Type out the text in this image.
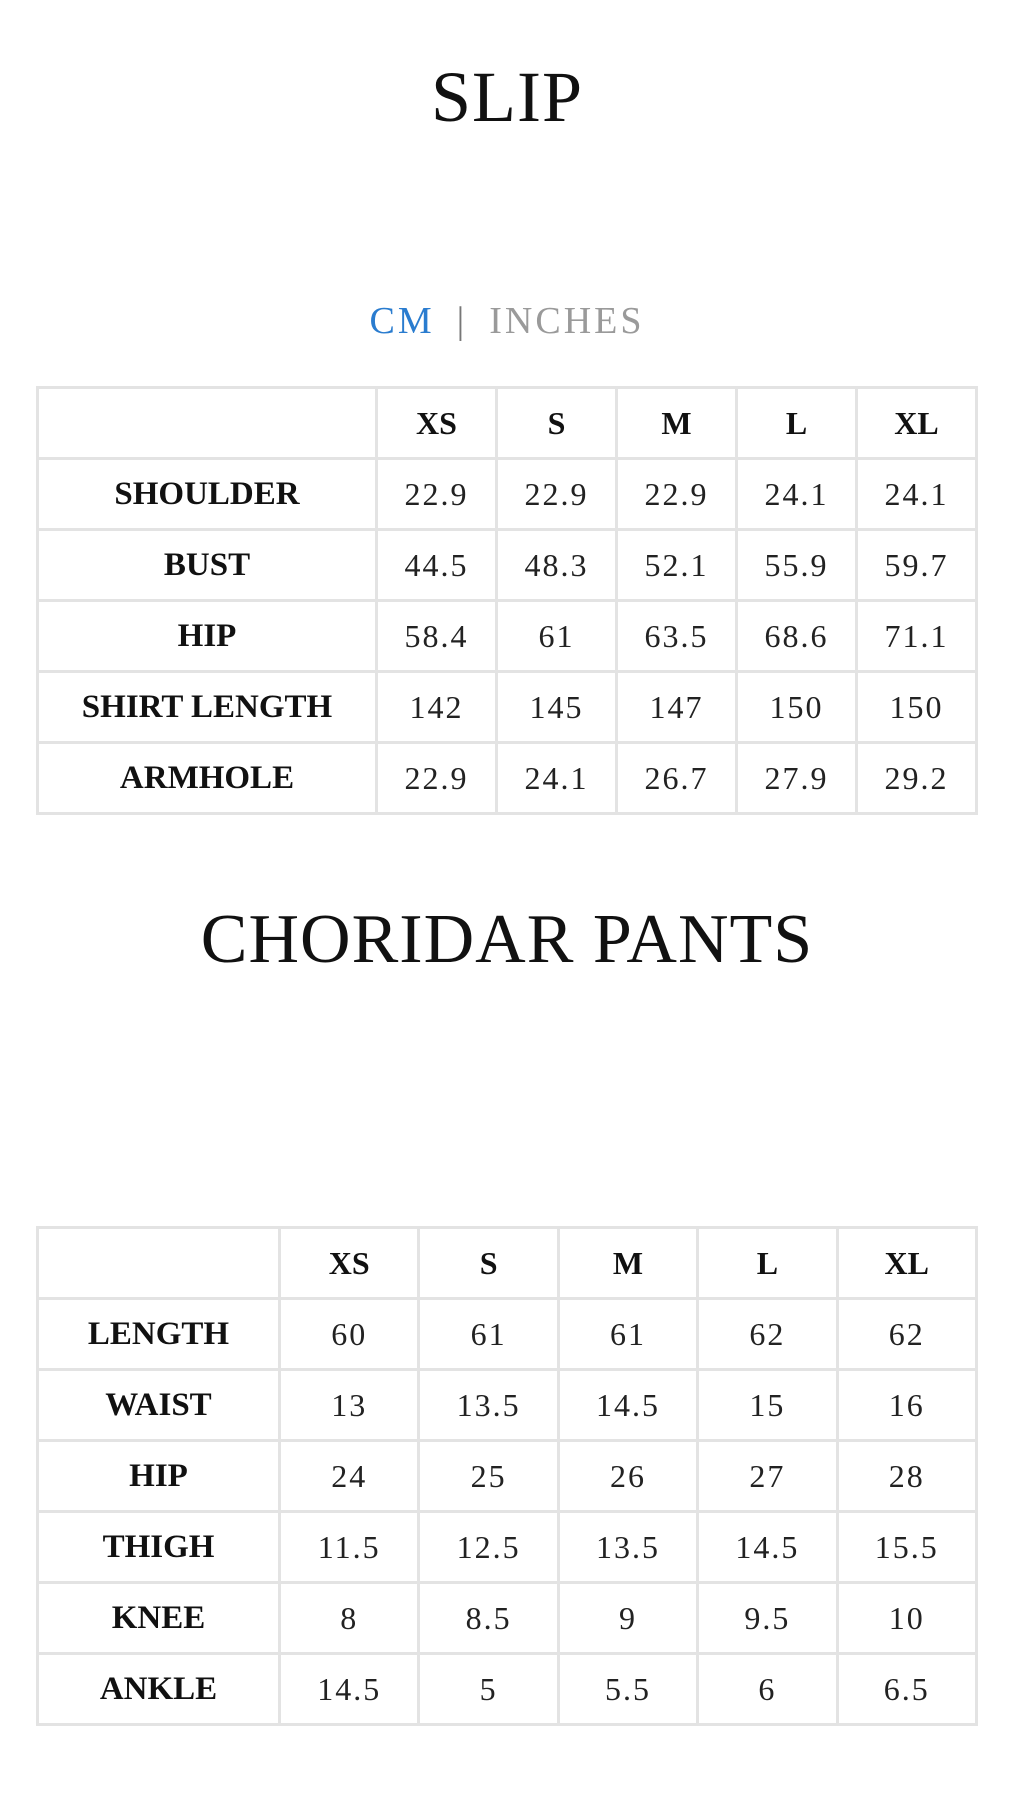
SLIP
CM | INCHES
	XS	S	M	L	XL
SHOULDER	22.9	22.9	22.9	24.1	24.1
BUST	44.5	48.3	52.1	55.9	59.7
HIP	58.4	61	63.5	68.6	71.1
SHIRT LENGTH	142	145	147	150	150
ARMHOLE	22.9	24.1	26.7	27.9	29.2
CHORIDAR PANTS
	XS	S	M	L	XL
LENGTH	60	61	61	62	62
WAIST	13	13.5	14.5	15	16
HIP	24	25	26	27	28
THIGH	11.5	12.5	13.5	14.5	15.5
KNEE	8	8.5	9	9.5	10
ANKLE	14.5	5	5.5	6	6.5
